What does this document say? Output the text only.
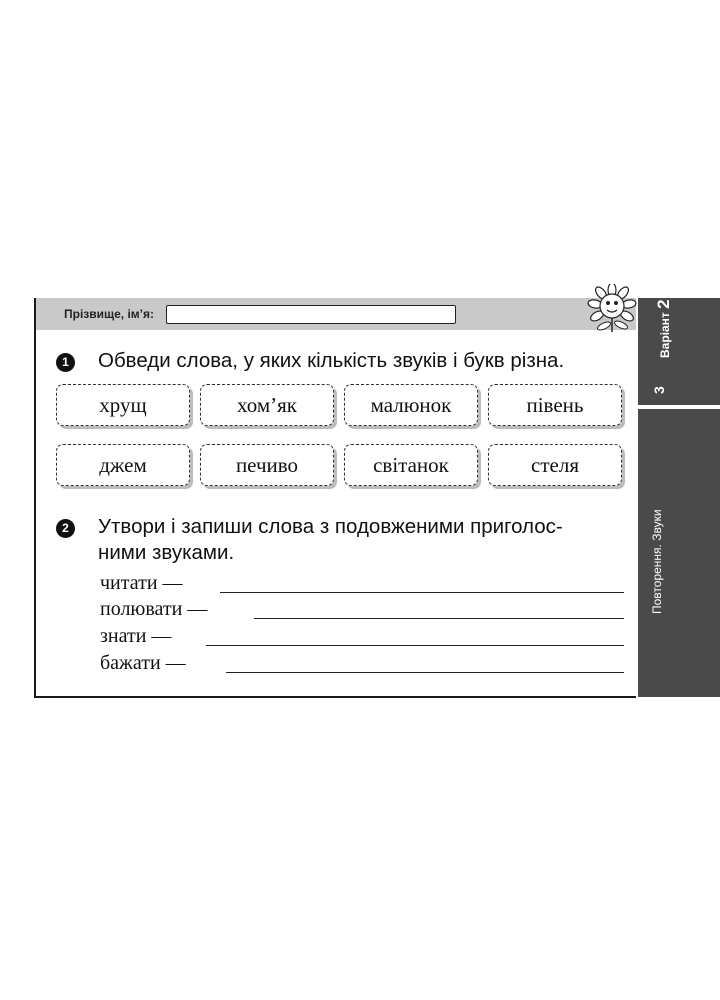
Прізвище, ім’я:
1	Обведи слова, у яких кількість звуків і букв різна.
хрущ	хом’як	малюнок	півень
джем	печиво	світанок	стеля
2	Утвори і запиши слова з подовженими приголос-
ними звуками.
читати —
полювати —
знати —
бажати —
Варіант 2
3
Повторення. Звуки
